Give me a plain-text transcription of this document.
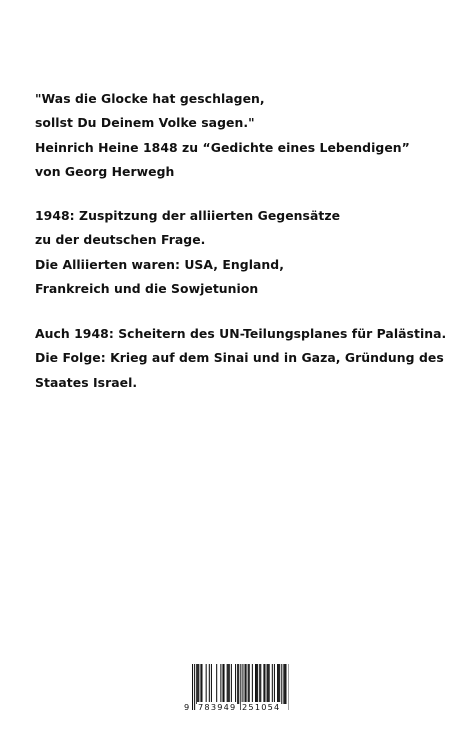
"Was die Glocke hat geschlagen,
sollst Du Deinem Volke sagen."
Heinrich Heine 1848 zu “Gedichte eines Lebendigen”
von Georg Herwegh
1948: Zuspitzung der alliierten Gegensätze
zu der deutschen Frage.
Die Alliierten waren: USA, England,
Frankreich und die Sowjetunion
Auch 1948: Scheitern des UN-Teilungsplanes für Palästina.
Die Folge: Krieg auf dem Sinai und in Gaza, Gründung des
Staates Israel.
9 783949 251054
